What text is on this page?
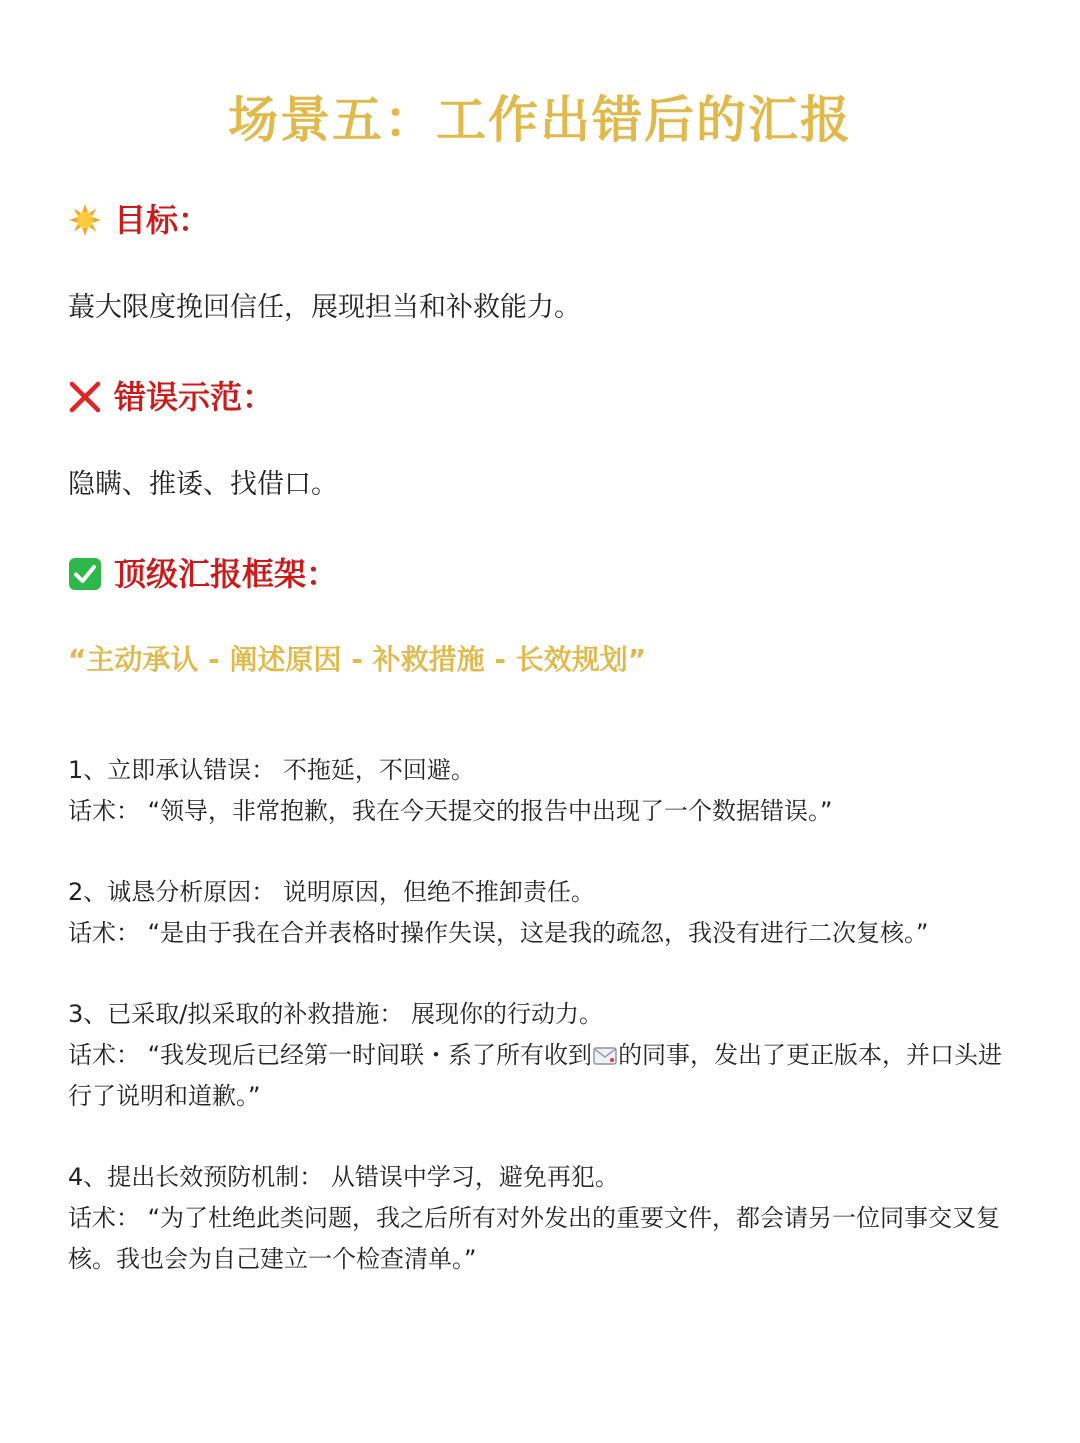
场景五：工作出错后的汇报
目标：
蕞大限度挽回信任，展现担当和补救能力。
错误示范：
隐瞒、推诿、找借口。
顶级汇报框架：
“主动承认 - 阐述原因 - 补救措施 - 长效规划”
1、立即承认错误： 不拖延，不回避。
话术： “领导，非常抱歉，我在今天提交的报告中出现了一个数据错误。”
2、诚恳分析原因： 说明原因，但绝不推卸责任。
话术： “是由于我在合并表格时操作失误，这是我的疏忽，我没有进行二次复核。”
3、已采取/拟采取的补救措施： 展现你的行动力。
话术： “我发现后已经第一时间联・系了所有收到 的同事，发出了更正版本，并口头进行了说明和道歉。”
4、提出长效预防机制： 从错误中学习，避免再犯。
话术： “为了杜绝此类问题，我之后所有对外发出的重要文件，都会请另一位同事交叉复核。我也会为自己建立一个检查清单。”
